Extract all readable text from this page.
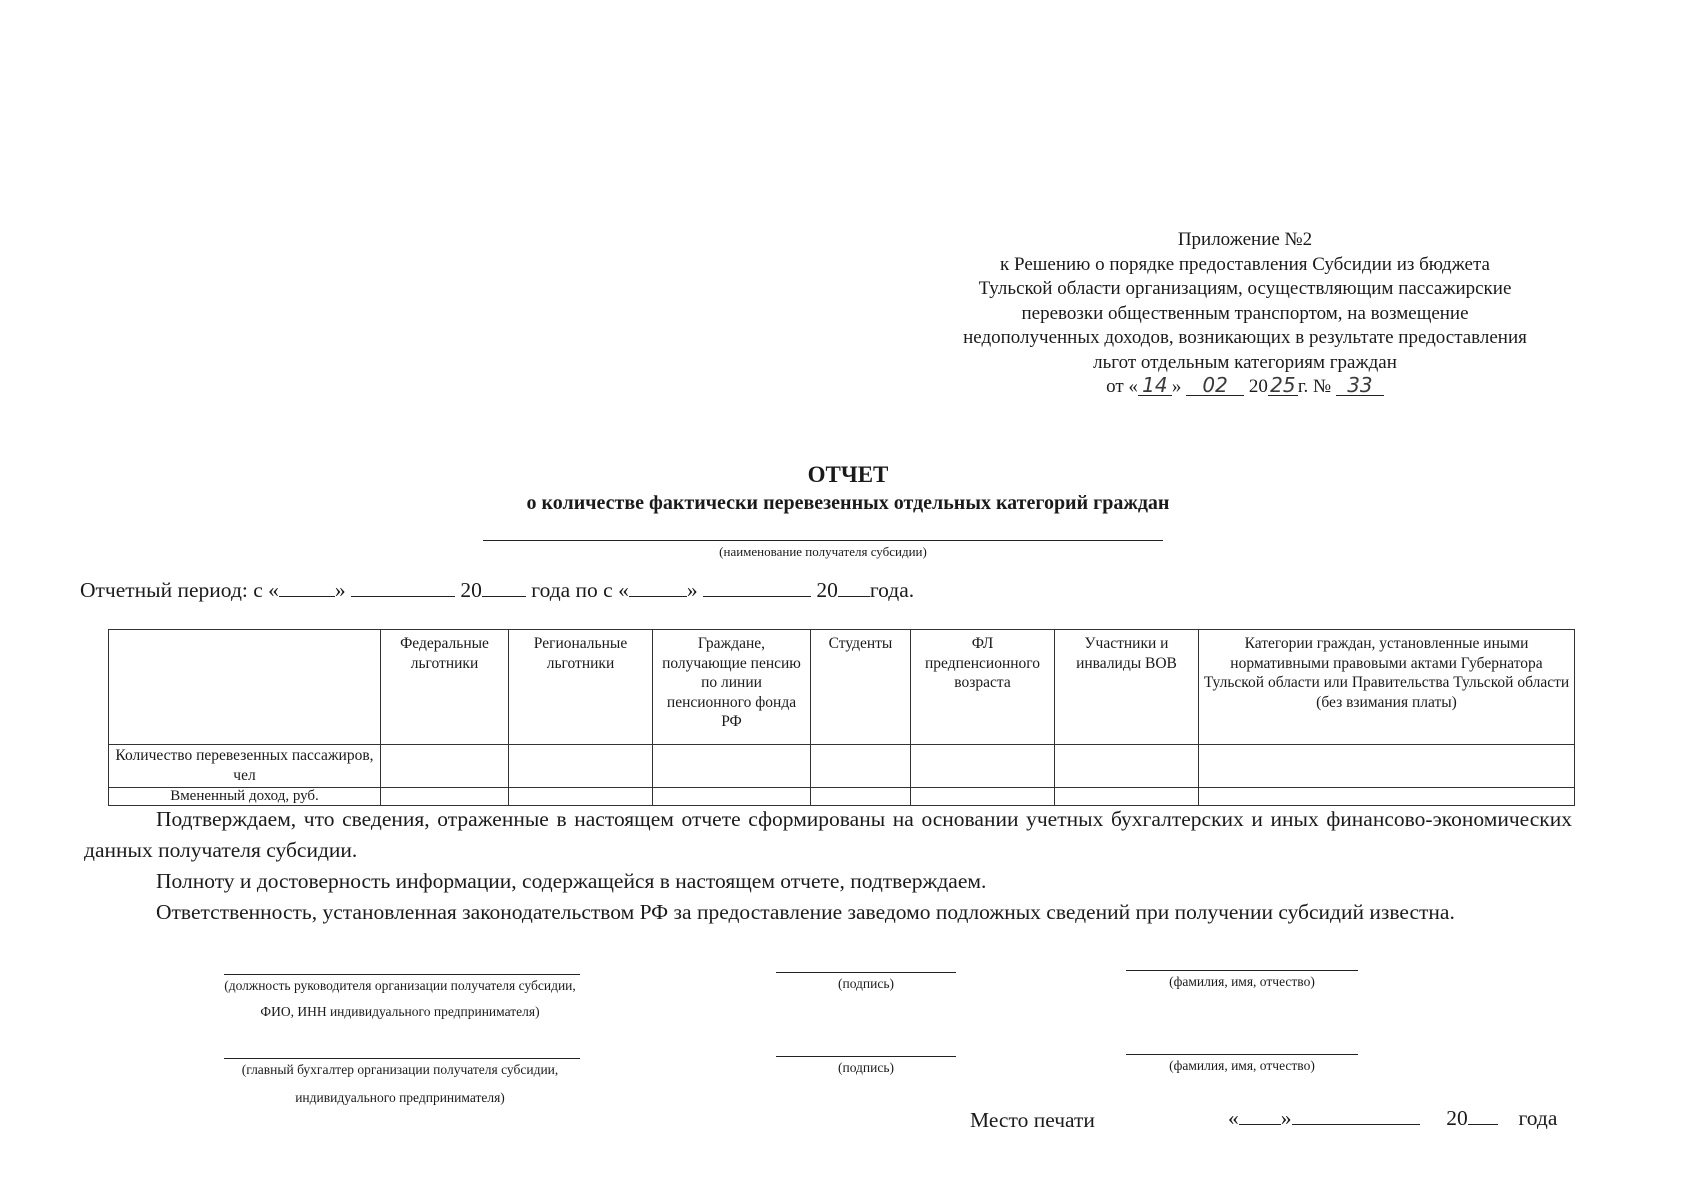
Приложение №2
к Решению о порядке предоставления Субсидии из бюджета
Тульской области организациям, осуществляющим пассажирские
перевозки общественным транспортом, на возмещение
недополученных доходов, возникающих в результате предоставления
льгот отдельным категориям граждан
от « 14 » 02 20 25 г. № 33
ОТЧЕТ
о количестве фактически перевезенных отдельных категорий граждан
(наименование получателя субсидии)
Отчетный период: с «	»	20 года по с «	»	20 года.
	Федеральные льготники	Региональные льготники	Граждане, получающие пенсию по линии пенсионного фонда РФ	Студенты	ФЛ предпенсионного возраста	Участники и инвалиды ВОВ	Категории граждан, установленные иными нормативными правовыми актами Губернатора Тульской области или Правительства Тульской области (без взимания платы)
Количество перевезенных пассажиров, чел							
Вмененный доход, руб.							

Подтверждаем, что сведения, отраженные в настоящем отчете сформированы на основании учетных бухгалтерских и иных финансово-экономических данных получателя субсидии.

Полноту и достоверность информации, содержащейся в настоящем отчете, подтверждаем.

Ответственность, установленная законодательством РФ за предоставление заведомо подложных сведений при получении субсидий известна.

(должность руководителя организации получателя субсидии,
ФИО, ИНН индивидуального предпринимателя)
(подпись)	(фамилия, имя, отчество)
(главный бухгалтер организации получателя субсидии,
индивидуального предпринимателя)
(подпись)	(фамилия, имя, отчество)
Место печати	« »	20 года
